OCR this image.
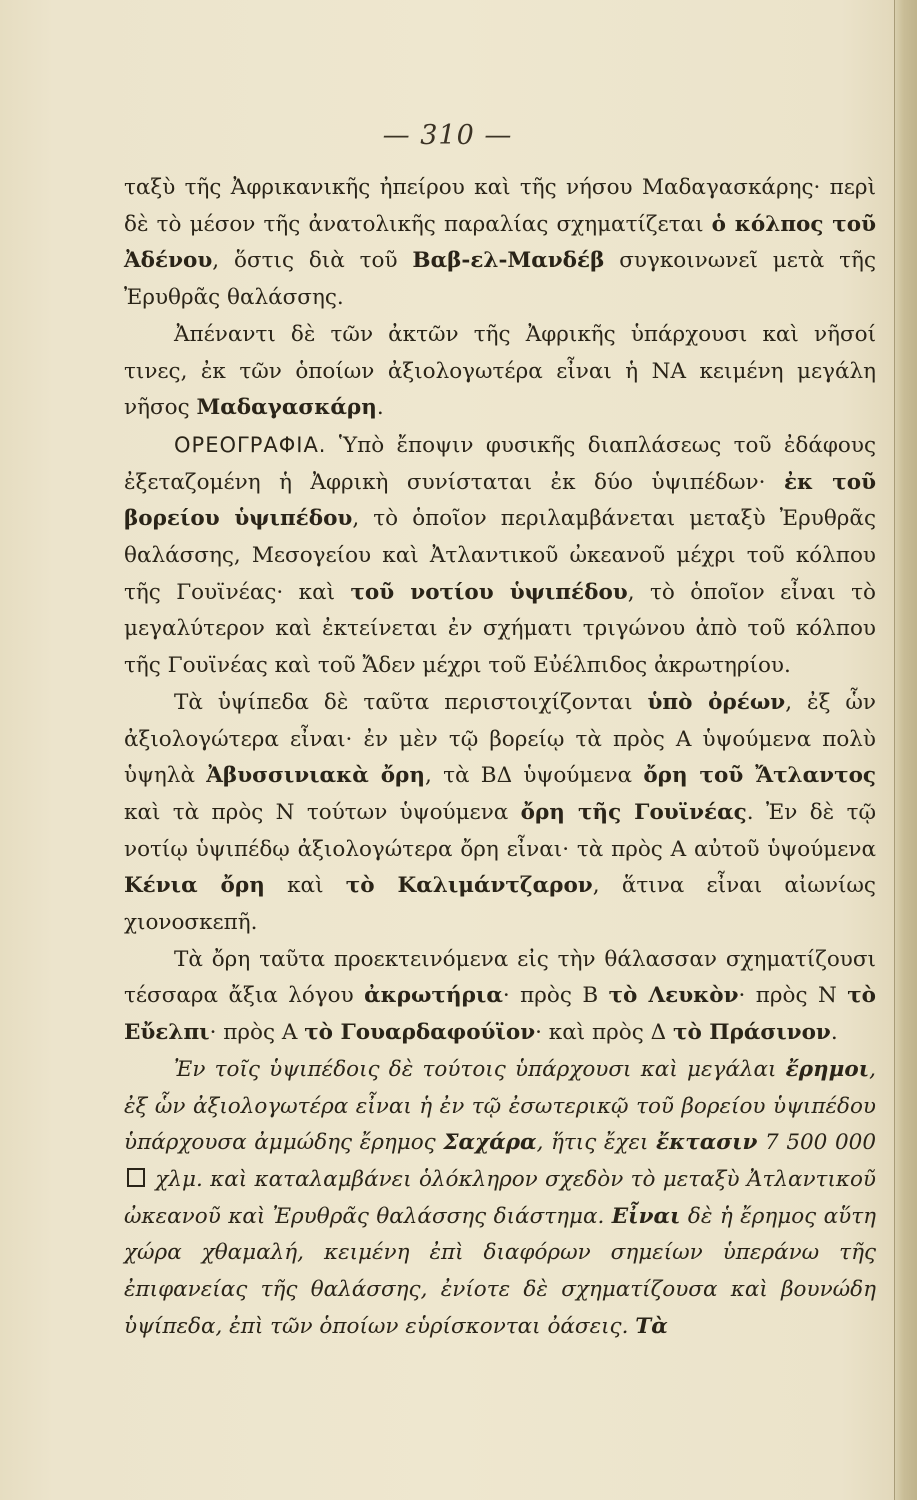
— 310 —

ταξὺ τῆς Ἀφρικανικῆς ἠπείρου καὶ τῆς νήσου Μαδαγασκάρης· περὶ δὲ τὸ μέσον τῆς ἀνατολικῆς παραλίας σχηματίζεται ὁ κόλπος τοῦ Ἀδένου, ὅστις διὰ τοῦ Βαβ-ελ-Μανδέβ συγκοινωνεῖ μετὰ τῆς Ἐρυθρᾶς θαλάσσης.

Ἀπέναντι δὲ τῶν ἀκτῶν τῆς Ἀφρικῆς ὑπάρχουσι καὶ νῆσοί τινες, ἐκ τῶν ὁποίων ἀξιολογωτέρα εἶναι ἡ ΝΑ κειμένη μεγάλη νῆσος Μαδαγασκάρη.

ΟΡΕΟΓΡΑΦΙΑ. Ὑπὸ ἔποψιν φυσικῆς διαπλάσεως τοῦ ἐδάφους ἐξεταζομένη ἡ Ἀφρικὴ συνίσταται ἐκ δύο ὑψιπέδων· ἐκ τοῦ βορείου ὑψιπέδου, τὸ ὁποῖον περιλαμβάνεται μεταξὺ Ἐρυθρᾶς θαλάσσης, Μεσογείου καὶ Ἀτλαντικοῦ ὠκεανοῦ μέχρι τοῦ κόλπου τῆς Γουϊνέας· καὶ τοῦ νοτίου ὑψιπέδου, τὸ ὁποῖον εἶναι τὸ μεγαλύτερον καὶ ἐκτείνεται ἐν σχήματι τριγώνου ἀπὸ τοῦ κόλπου τῆς Γουϊνέας καὶ τοῦ Ἄδεν μέχρι τοῦ Εὐέλπιδος ἀκρωτηρίου.

Τὰ ὑψίπεδα δὲ ταῦτα περιστοιχίζονται ὑπὸ ὀρέων, ἐξ ὧν ἀξιολογώτερα εἶναι· ἐν μὲν τῷ βορείῳ τὰ πρὸς Α ὑψούμενα πολὺ ὑψηλὰ Ἀβυσσινιακὰ ὄρη, τὰ ΒΔ ὑψούμενα ὄρη τοῦ Ἄτλαντος καὶ τὰ πρὸς Ν τούτων ὑψούμενα ὄρη τῆς Γουϊνέας. Ἐν δὲ τῷ νοτίῳ ὑψιπέδῳ ἀξιολογώτερα ὄρη εἶναι· τὰ πρὸς Α αὐτοῦ ὑψούμενα Κένια ὄρη καὶ τὸ Καλιμάντζαρον, ἅτινα εἶναι αἰωνίως χιονοσκεπῆ.

Τὰ ὄρη ταῦτα προεκτεινόμενα εἰς τὴν θάλασσαν σχηματίζουσι τέσσαρα ἄξια λόγου ἀκρωτήρια· πρὸς Β τὸ Λευκὸν· πρὸς Ν τὸ Εὔελπι· πρὸς Α τὸ Γουαρδαφούϊον· καὶ πρὸς Δ τὸ Πράσινον.

Ἐν τοῖς ὑψιπέδοις δὲ τούτοις ὑπάρχουσι καὶ μεγάλαι ἔρημοι, ἐξ ὧν ἀξιολογωτέρα εἶναι ἡ ἐν τῷ ἐσωτερικῷ τοῦ βορείου ὑψιπέδου ὑπάρχουσα ἀμμώδης ἔρημος Σαχάρα, ἥτις ἔχει ἔκτασιν 7 500 000  χλμ. καὶ καταλαμβάνει ὁλόκληρον σχεδὸν τὸ μεταξὺ Ἀτλαντικοῦ ὠκεανοῦ καὶ Ἐρυθρᾶς θαλάσσης διάστημα. Εἶναι δὲ ἡ ἔρημος αὕτη χώρα χθαμαλή, κειμένη ἐπὶ διαφόρων σημείων ὑπεράνω τῆς ἐπιφανείας τῆς θαλάσσης, ἐνίοτε δὲ σχηματίζουσα καὶ βουνώδη ὑψίπεδα, ἐπὶ τῶν ὁποίων εὑρίσκονται ὀάσεις. Τὰ
